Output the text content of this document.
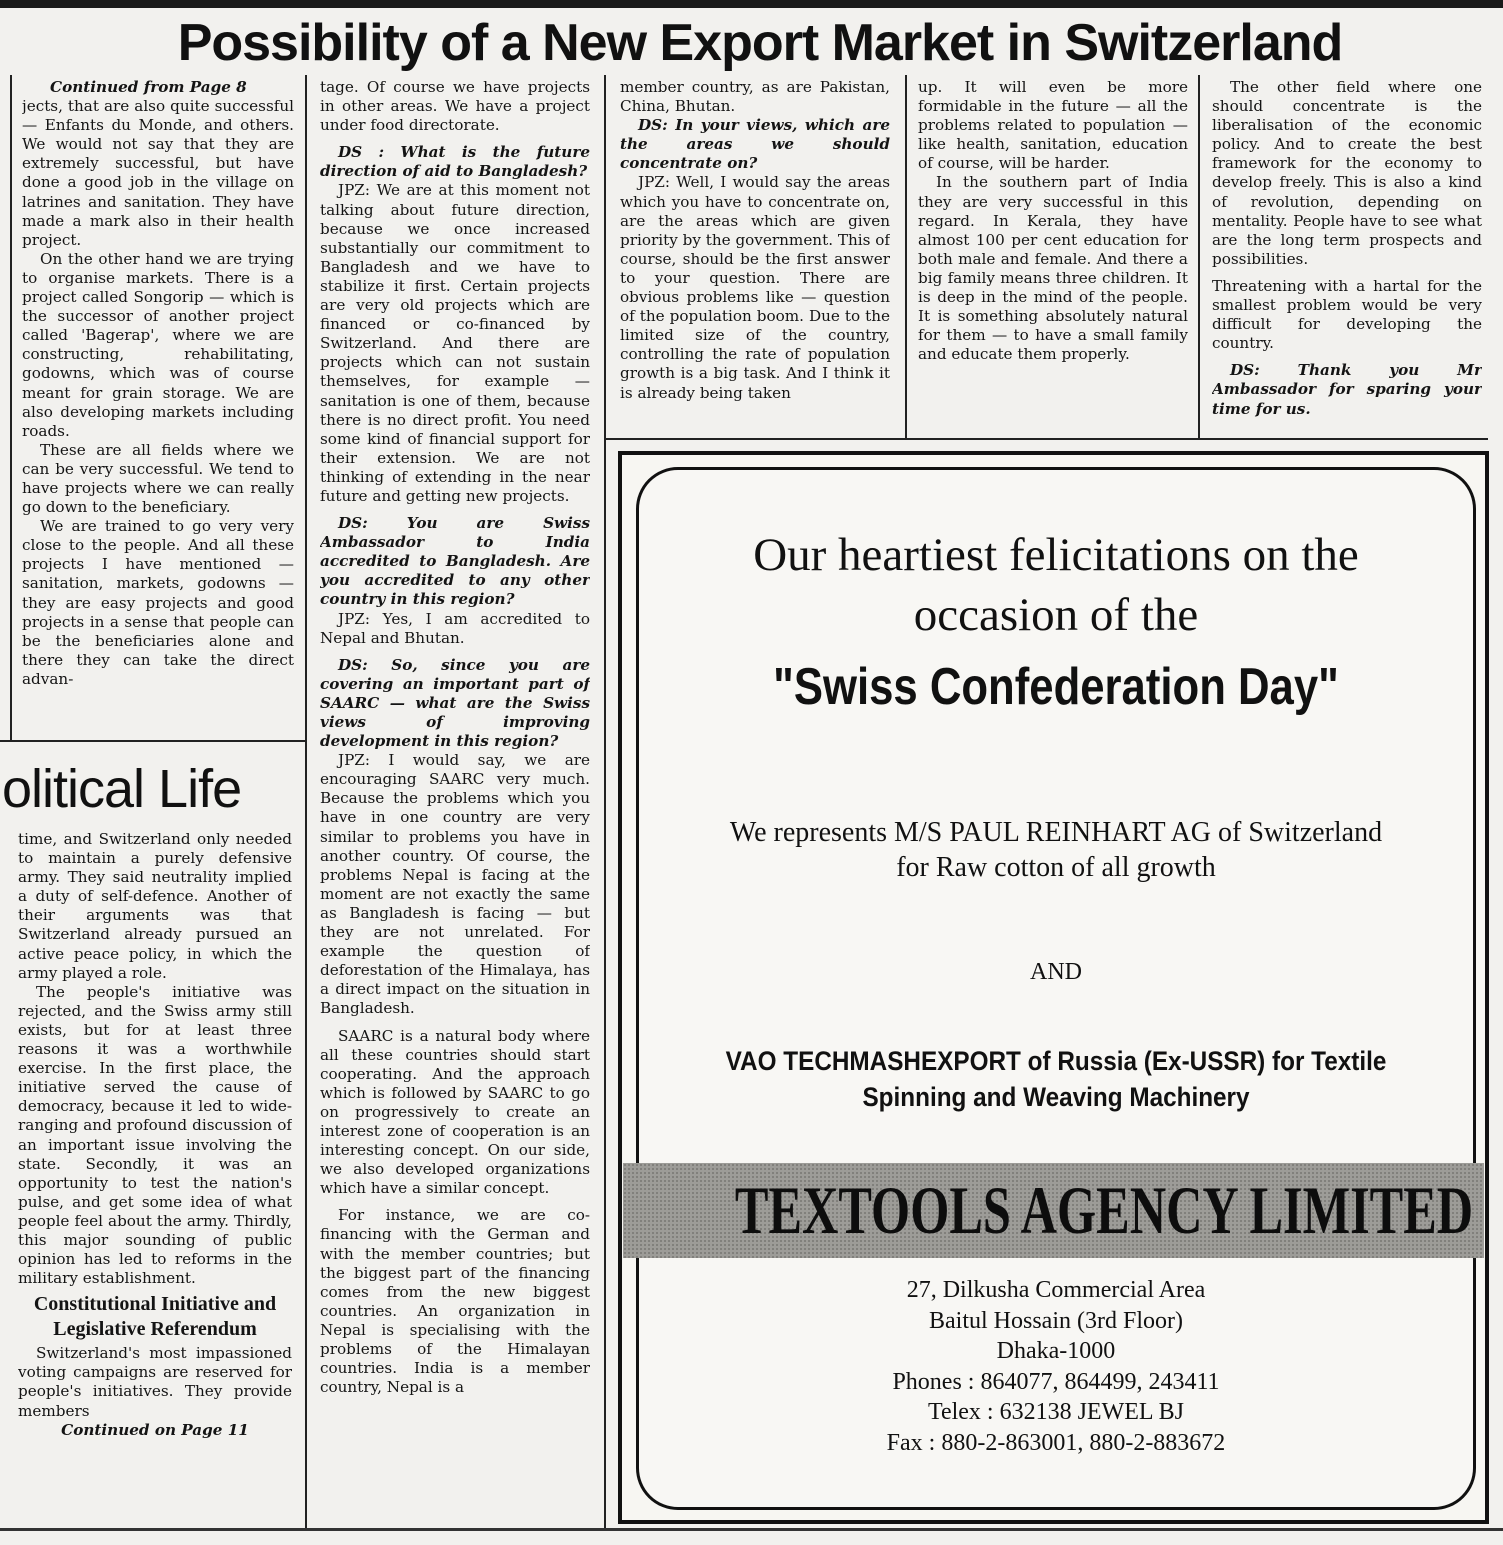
Possibility of a New Export Market in Switzerland

Continued from Page 8

jects, that are also quite successful — Enfants du Monde, and others. We would not say that they are extremely successful, but have done a good job in the village on latrines and sanitation. They have made a mark also in their health project.

On the other hand we are trying to organise markets. There is a project called Songorip — which is the successor of another project called 'Bagerap', where we are constructing, rehabilitating, godowns, which was of course meant for grain storage. We are also developing markets including roads.

These are all fields where we can be very successful. We tend to have projects where we can really go down to the beneficiary.

We are trained to go very very close to the people. And all these projects I have mentioned — sanitation, markets, godowns — they are easy projects and good projects in a sense that people can be the beneficiaries alone and there they can take the direct advan-

olitical Life

time, and Switzerland only needed to maintain a purely defensive army. They said neutrality implied a duty of self-defence. Another of their arguments was that Switzerland already pursued an active peace policy, in which the army played a role.

The people's initiative was rejected, and the Swiss army still exists, but for at least three reasons it was a worthwhile exercise. In the first place, the initiative served the cause of democracy, because it led to wide-ranging and profound discussion of an important issue involving the state. Secondly, it was an opportunity to test the nation's pulse, and get some idea of what people feel about the army. Thirdly, this major sounding of public opinion has led to reforms in the military establishment.

Constitutional Initiative and Legislative Referendum

Switzerland's most impassioned voting campaigns are reserved for people's initiatives. They provide members

Continued on Page 11

tage. Of course we have projects in other areas. We have a project under food directorate.

DS : What is the future direction of aid to Bangladesh?

JPZ: We are at this moment not talking about future direction, because we once increased substantially our commitment to Bangladesh and we have to stabilize it first. Certain projects are very old projects which are financed or co-financed by Switzerland. And there are projects which can not sustain themselves, for example — sanitation is one of them, because there is no direct profit. You need some kind of financial support for their extension. We are not thinking of extending in the near future and getting new projects.

DS: You are Swiss Ambassador to India accredited to Bangladesh. Are you accredited to any other country in this region?

JPZ: Yes, I am accredited to Nepal and Bhutan.

DS: So, since you are covering an important part of SAARC — what are the Swiss views of improving development in this region?

JPZ: I would say, we are encouraging SAARC very much. Because the problems which you have in one country are very similar to problems you have in another country. Of course, the problems Nepal is facing at the moment are not exactly the same as Bangladesh is facing — but they are not unrelated. For example the question of deforestation of the Himalaya, has a direct impact on the situation in Bangladesh.

SAARC is a natural body where all these countries should start cooperating. And the approach which is followed by SAARC to go on progressively to create an interest zone of cooperation is an interesting concept. On our side, we also developed organizations which have a similar concept.

For instance, we are co-financing with the German and with the member countries; but the biggest part of the financing comes from the new biggest countries. An organization in Nepal is specialising with the problems of the Himalayan countries. India is a member country, Nepal is a

member country, as are Pakistan, China, Bhutan.

DS: In your views, which are the areas we should concentrate on?

JPZ: Well, I would say the areas which you have to concentrate on, are the areas which are given priority by the government. This of course, should be the first answer to your question. There are obvious problems like — question of the population boom. Due to the limited size of the country, controlling the rate of population growth is a big task. And I think it is already being taken

up. It will even be more formidable in the future — all the problems related to population — like health, sanitation, education of course, will be harder.

In the southern part of India they are very successful in this regard. In Kerala, they have almost 100 per cent education for both male and female. And there a big family means three children. It is deep in the mind of the people. It is something absolutely natural for them — to have a small family and educate them properly.

The other field where one should concentrate is the liberalisation of the economic policy. And to create the best framework for the economy to develop freely. This is also a kind of revolution, depending on mentality. People have to see what are the long term prospects and possibilities.

Threatening with a hartal for the smallest problem would be very difficult for developing the country.

DS: Thank you Mr Ambassador for sparing your time for us.

Our heartiest felicitations on the
occasion of the
"Swiss Confederation Day"
We represents M/S PAUL REINHART AG of Switzerland
for Raw cotton of all growth
AND
VAO TECHMASHEXPORT of Russia (Ex-USSR) for Textile
Spinning and Weaving Machinery
TEXTOOLS AGENCY LIMITED
27, Dilkusha Commercial Area
Baitul Hossain (3rd Floor)
Dhaka-1000
Phones : 864077, 864499, 243411
Telex : 632138 JEWEL BJ
Fax : 880-2-863001, 880-2-883672
